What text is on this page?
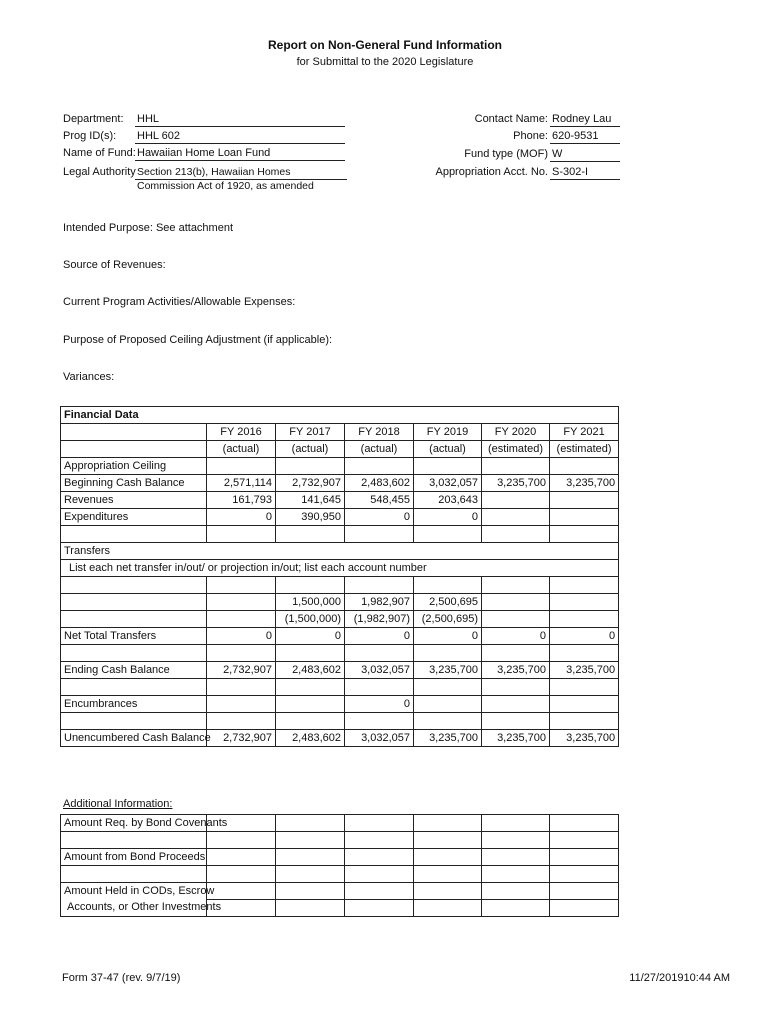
Report on Non-General Fund Information
for Submittal to the 2020 Legislature
Department: HHL
Prog ID(s): HHL 602
Name of Fund: Hawaiian Home Loan Fund
Legal Authority Section 213(b), Hawaiian Homes Commission Act of 1920, as amended
Contact Name: Rodney Lau
Phone: 620-9531
Fund type (MOF) W
Appropriation Acct. No. S-302-I
Intended Purpose: See attachment
Source of Revenues:
Current Program Activities/Allowable Expenses:
Purpose of Proposed Ceiling Adjustment (if applicable):
Variances:
Financial Data						
	FY 2016	FY 2017	FY 2018	FY 2019	FY 2020	FY 2021
	(actual)	(actual)	(actual)	(actual)	(estimated)	(estimated)
Appropriation Ceiling						
Beginning Cash Balance	2,571,114	2,732,907	2,483,602	3,032,057	3,235,700	3,235,700
Revenues	161,793	141,645	548,455	203,643		
Expenditures	0	390,950	0	0		

Transfers						
List each net transfer in/out/ or projection in/out; list each account number						

		1,500,000	1,982,907	2,500,695		
		(1,500,000)	(1,982,907)	(2,500,695)		
Net Total Transfers	0	0	0	0	0	0

Ending Cash Balance	2,732,907	2,483,602	3,032,057	3,235,700	3,235,700	3,235,700

Encumbrances			0			

Unencumbered Cash Balance	2,732,907	2,483,602	3,032,057	3,235,700	3,235,700	3,235,700
Additional Information:
Amount Req. by Bond Covenants						

Amount from Bond Proceeds						

Amount Held in CODs, Escrow						
Accounts, or Other Investments						
Form 37-47 (rev. 9/7/19)	11/27/201910:44 AM
